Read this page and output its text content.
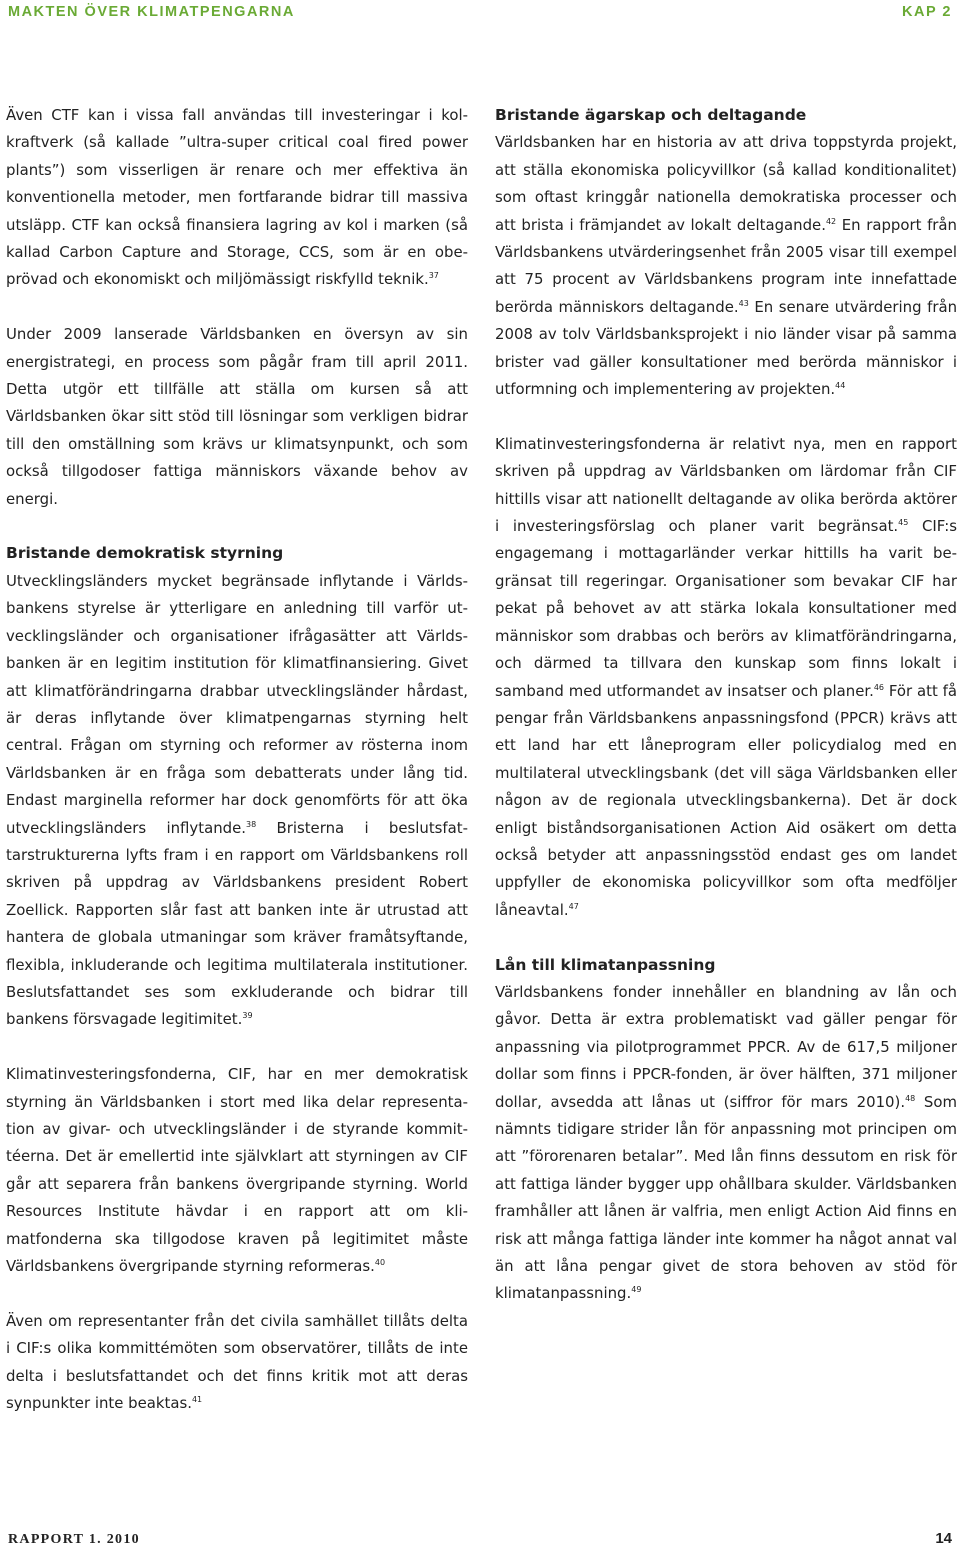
MAKTEN ÖVER KLIMATPENGARNA	KAP 2

Även CTF kan i vissa fall användas till investeringar i kolkraftverk (så kallade ”ultra-super critical coal fired power plants”) som visserligen är renare och mer effektiva än konventionella metoder, men fortfarande bidrar till massiva utsläpp. CTF kan också finansiera lagring av kol i marken (så kallad Carbon Capture and Storage, CCS, som är en obeprövad och ekonomiskt och miljömässigt riskfylld teknik.$^{37}$

Under 2009 lanserade Världsbanken en översyn av sin energistrategi, en process som pågår fram till april 2011. Detta utgör ett tillfälle att ställa om kursen så att Världsbanken ökar sitt stöd till lösningar som verkligen bidrar till den omställning som krävs ur klimatsynpunkt, och som också tillgodoser fattiga människors växande behov av energi.

Bristande demokratisk styrning

Utvecklingsländers mycket begränsade inflytande i Världsbankens styrelse är ytterligare en anledning till varför utvecklingsländer och organisationer ifrågasätter att Världsbanken är en legitim institution för klimatfinansiering. Givet att klimatförändringarna drabbar utvecklingsländer hårdast, är deras inflytande över klimatpengarnas styrning helt central. Frågan om styrning och reformer av rösterna inom Världsbanken är en fråga som debatterats under lång tid. Endast marginella reformer har dock genomförts för att öka utvecklingsländers inflytande.$^{38}$ Bristerna i beslutsfattarstrukturerna lyfts fram i en rapport om Världsbankens roll skriven på uppdrag av Världsbankens president Robert Zoellick. Rapporten slår fast att banken inte är utrustad att hantera de globala utmaningar som kräver framåtsyftande, flexibla, inkluderande och legitima multilaterala institutioner. Beslutsfattandet ses som exkluderande och bidrar till bankens försvagade legitimitet.$^{39}$

Klimatinvesteringsfonderna, CIF, har en mer demokratisk styrning än Världsbanken i stort med lika delar representation av givar- och utvecklingsländer i de styrande kommittéerna. Det är emellertid inte självklart att styrningen av CIF går att separera från bankens övergripande styrning. World Resources Institute hävdar i en rapport att om klimatfonderna ska tillgodose kraven på legitimitet måste Världsbankens övergripande styrning reformeras.$^{40}$

Även om representanter från det civila samhället tillåts delta i CIF:s olika kommittémöten som observatörer, tillåts de inte delta i beslutsfattandet och det finns kritik mot att deras synpunkter inte beaktas.$^{41}$

Bristande ägarskap och deltagande

Världsbanken har en historia av att driva toppstyrda projekt, att ställa ekonomiska policyvillkor (så kallad konditionalitet) som oftast kringgår nationella demokratiska processer och att brista i främjandet av lokalt deltagande.$^{42}$ En rapport från Världsbankens utvärderingsenhet från 2005 visar till exempel att 75 procent av Världsbankens program inte innefattade berörda människors deltagande.$^{43}$ En senare utvärdering från 2008 av tolv Världsbanksprojekt i nio länder visar på samma brister vad gäller konsultationer med berörda människor i utformning och implementering av projekten.$^{44}$

Klimatinvesteringsfonderna är relativt nya, men en rapport skriven på uppdrag av Världsbanken om lärdomar från CIF hittills visar att nationellt deltagande av olika berörda aktörer i investeringsförslag och planer varit begränsat.$^{45}$ CIF:s engagemang i mottagarländer verkar hittills ha varit begränsat till regeringar. Organisationer som bevakar CIF har pekat på behovet av att stärka lokala konsultationer med människor som drabbas och berörs av klimatförändringarna, och därmed ta tillvara den kunskap som finns lokalt i samband med utformandet av insatser och planer.$^{46}$ För att få pengar från Världsbankens anpassningsfond (PPCR) krävs att ett land har ett låneprogram eller policydialog med en multilateral utvecklingsbank (det vill säga Världsbanken eller någon av de regionala utvecklingsbankerna). Det är dock enligt biståndsorganisationen Action Aid osäkert om detta också betyder att anpassningsstöd endast ges om landet uppfyller de ekonomiska policyvillkor som ofta medföljer låneavtal.$^{47}$

Lån till klimatanpassning

Världsbankens fonder innehåller en blandning av lån och gåvor. Detta är extra problematiskt vad gäller pengar för anpassning via pilotprogrammet PPCR. Av de 617,5 miljoner dollar som finns i PPCR-fonden, är över hälften, 371 miljoner dollar, avsedda att lånas ut (siffror för mars 2010).$^{48}$ Som nämnts tidigare strider lån för anpassning mot principen om att ”förorenaren betalar”. Med lån finns dessutom en risk för att fattiga länder bygger upp ohållbara skulder. Världsbanken framhåller att lånen är valfria, men enligt Action Aid finns en risk att många fattiga länder inte kommer ha något annat val än att låna pengar givet de stora behoven av stöd för klimatanpassning.$^{49}$

RAPPORT 1. 2010	14
